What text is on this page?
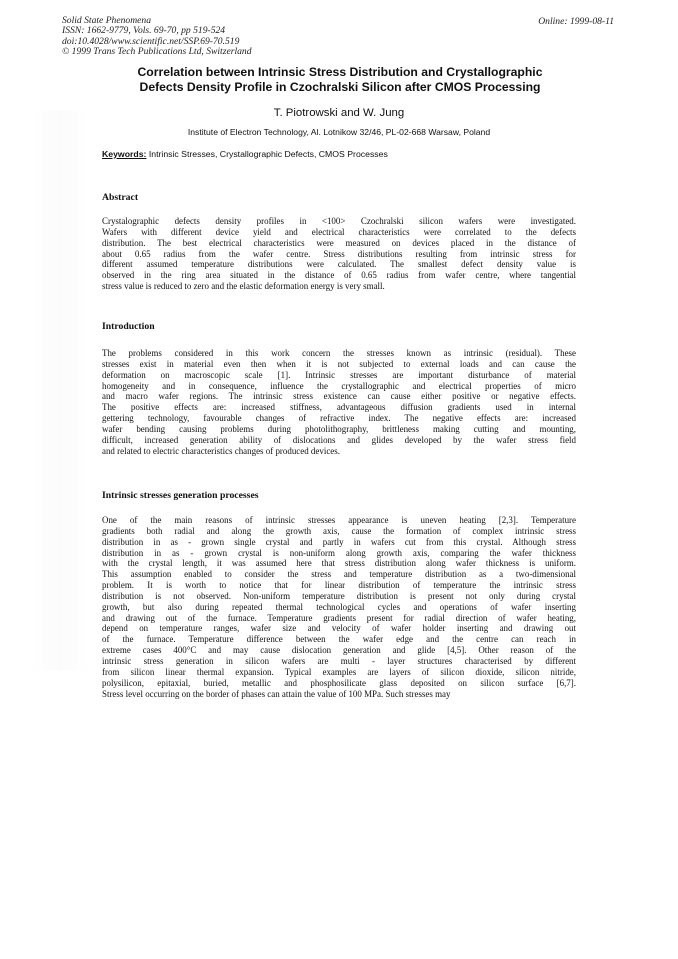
Solid State Phenomena
ISSN: 1662-9779, Vols. 69-70, pp 519-524
doi:10.4028/www.scientific.net/SSP.69-70.519
© 1999 Trans Tech Publications Ltd, Switzerland
Online: 1999-08-11
Correlation between Intrinsic Stress Distribution and Crystallographic
Defects Density Profile in Czochralski Silicon after CMOS Processing
T. Piotrowski and W. Jung
Institute of Electron Technology, Al. Lotnikow 32/46, PL-02-668 Warsaw, Poland
Keywords: Intrinsic Stresses, Crystallographic Defects, CMOS Processes
Abstract
Crystalographic defects density profiles in <100> Czochralski silicon wafers were investigated.
Wafers with different device yield and electrical characteristics were correlated to the defects
distribution. The best electrical characteristics were measured on devices placed in the distance of
about 0.65 radius from the wafer centre. Stress distributions resulting from intrinsic stress for
different assumed temperature distributions were calculated. The smallest defect density value is
observed in the ring area situated in the distance of 0.65 radius from wafer centre, where tangential
stress value is reduced to zero and the elastic deformation energy is very small.
Introduction
The problems considered in this work concern the stresses known as intrinsic (residual). These
stresses exist in material even then when it is not subjected to external loads and can cause the
deformation on macroscopic scale [1]. Intrinsic stresses are important disturbance of material
homogeneity and in consequence, influence the crystallographic and electrical properties of micro
and macro wafer regions. The intrinsic stress existence can cause either positive or negative effects.
The positive effects are: increased stiffness, advantageous diffusion gradients used in internal
gettering technology, favourable changes of refractive index. The negative effects are: increased
wafer bending causing problems during photolithography, brittleness making cutting and mounting,
difficult, increased generation ability of dislocations and glides developed by the wafer stress field
and related to electric characteristics changes of produced devices.
Intrinsic stresses generation processes
One of the main reasons of intrinsic stresses appearance is uneven heating [2,3]. Temperature
gradients both radial and along the growth axis, cause the formation of complex intrinsic stress
distribution in as - grown single crystal and partly in wafers cut from this crystal. Although stress
distribution in as - grown crystal is non-uniform along growth axis, comparing the wafer thickness
with the crystal length, it was assumed here that stress distribution along wafer thickness is uniform.
This assumption enabled to consider the stress and temperature distribution as a two-dimensional
problem. It is worth to notice that for linear distribution of temperature the intrinsic stress
distribution is not observed. Non-uniform temperature distribution is present not only during crystal
growth, but also during repeated thermal technological cycles and operations of wafer inserting
and drawing out of the furnace. Temperature gradients present for radial direction of wafer heating,
depend on temperature ranges, wafer size and velocity of wafer holder inserting and drawing out
of the furnace. Temperature difference between the wafer edge and the centre can reach in
extreme cases 400°C and may cause dislocation generation and glide [4,5]. Other reason of the
intrinsic stress generation in silicon wafers are multi - layer structures characterised by different
from silicon linear thermal expansion. Typical examples are layers of silicon dioxide, silicon nitride,
polysilicon, epitaxial, buried, metallic and phosphosilicate glass deposited on silicon surface [6,7].
Stress level occurring on the border of phases can attain the value of 100 MPa. Such stresses may
